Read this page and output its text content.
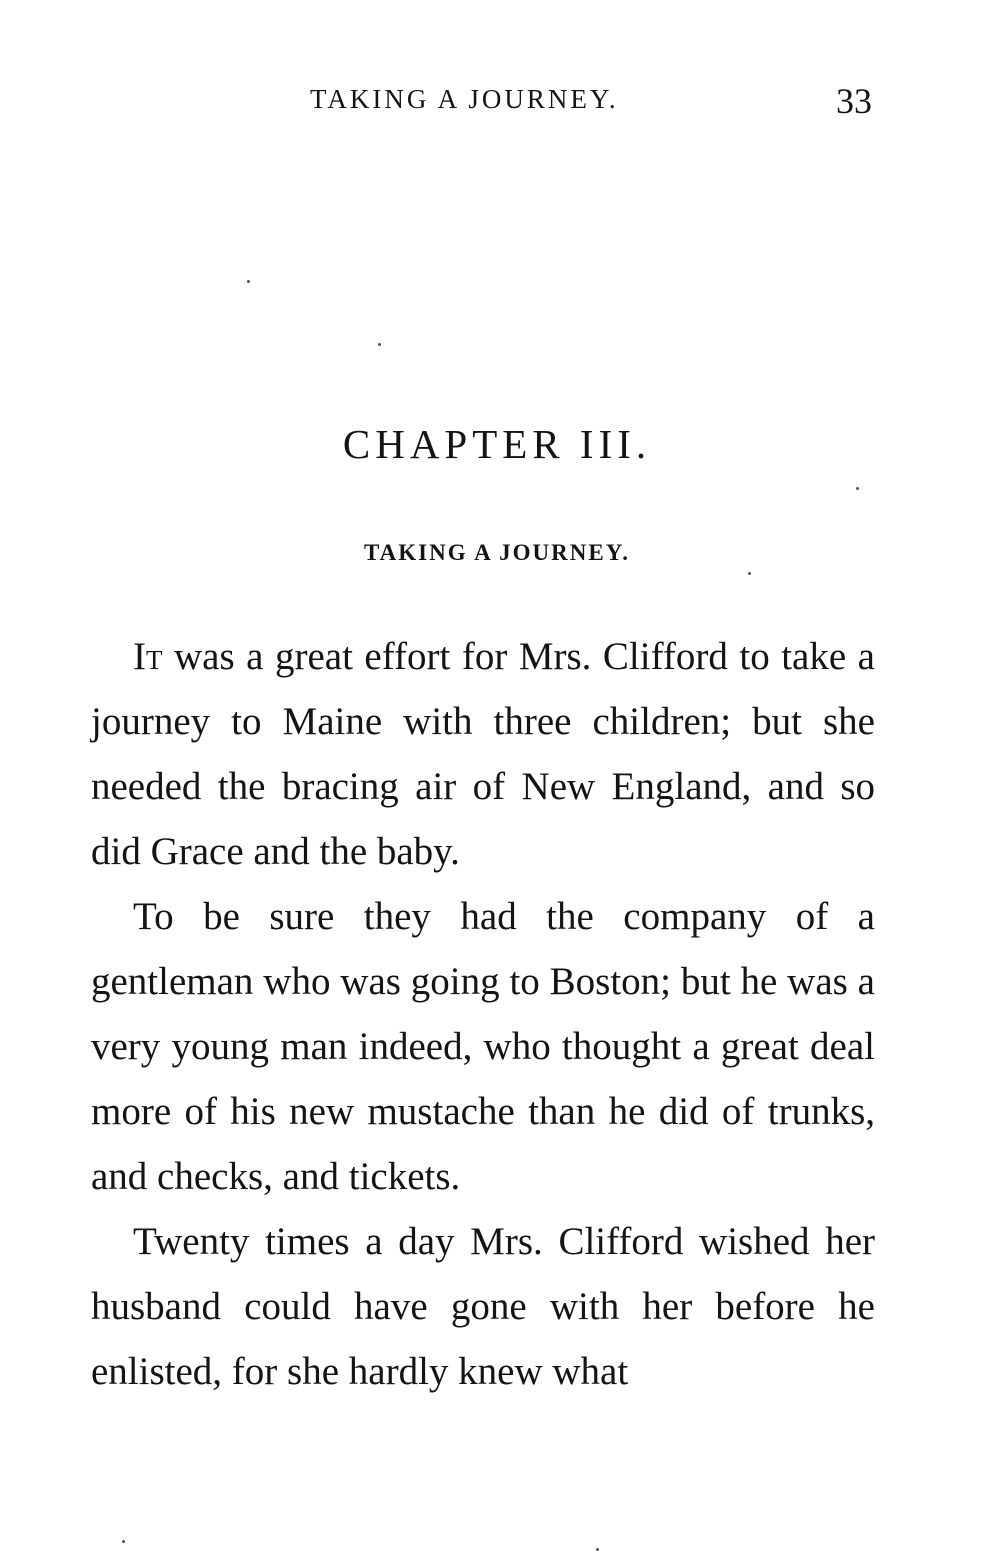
TAKING A JOURNEY.	33
CHAPTER III.
TAKING A JOURNEY.

It was a great effort for Mrs. Clifford to take a journey to Maine with three children; but she needed the bracing air of New England, and so did Grace and the baby.

To be sure they had the company of a gentleman who was going to Boston; but he was a very young man indeed, who thought a great deal more of his new mustache than he did of trunks, and checks, and tickets.

Twenty times a day Mrs. Clifford wished her husband could have gone with her before he enlisted, for she hardly knew what
